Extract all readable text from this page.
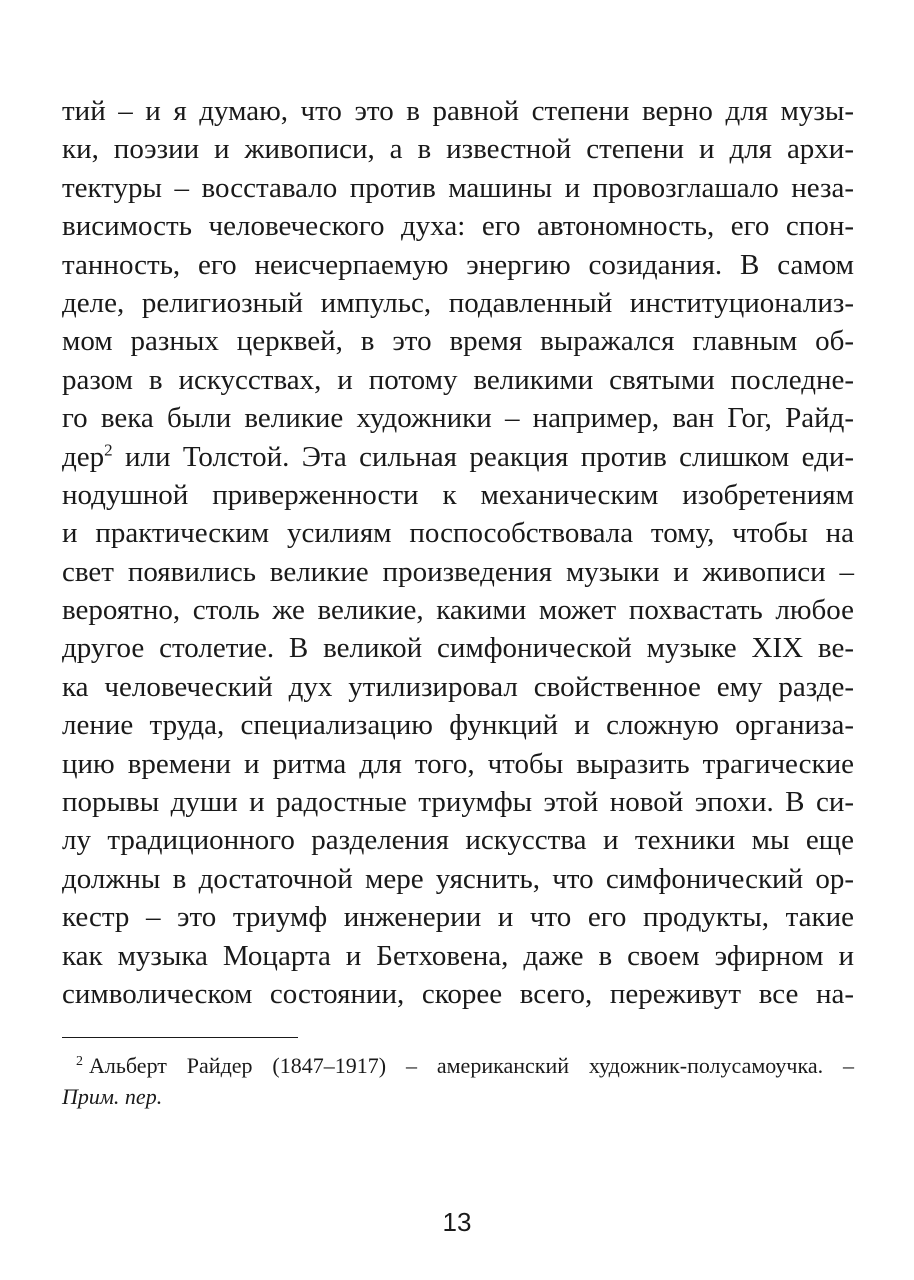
тий – и я думаю, что это в равной степени верно для музы-
ки, поэзии и живописи, а в известной степени и для архи-
тектуры – восставало против машины и провозглашало неза-
висимость человеческого духа: его автономность, его спон-
танность, его неисчерпаемую энергию созидания. В самом
деле, религиозный импульс, подавленный институционализ-
мом разных церквей, в это время выражался главным об-
разом в искусствах, и потому великими святыми последне-
го века были великие художники – например, ван Гог, Райд-
дер$^2$ или Толстой. Эта сильная реакция против слишком еди-
нодушной приверженности к механическим изобретениям
и практическим усилиям поспособствовала тому, чтобы на
свет появились великие произведения музыки и живописи –
вероятно, столь же великие, какими может похвастать любое
другое столетие. В великой симфонической музыке XIX ве-
ка человеческий дух утилизировал свойственное ему разде-
ление труда, специализацию функций и сложную организа-
цию времени и ритма для того, чтобы выразить трагические
порывы души и радостные триумфы этой новой эпохи. В си-
лу традиционного разделения искусства и техники мы еще
должны в достаточной мере уяснить, что симфонический ор-
кестр – это триумф инженерии и что его продукты, такие
как музыка Моцарта и Бетховена, даже в своем эфирном и
символическом состоянии, скорее всего, переживут все на-
$^2$ Альберт Райдер (1847–1917) – американский художник-полусамоучка. –
Прим. пер.
13
